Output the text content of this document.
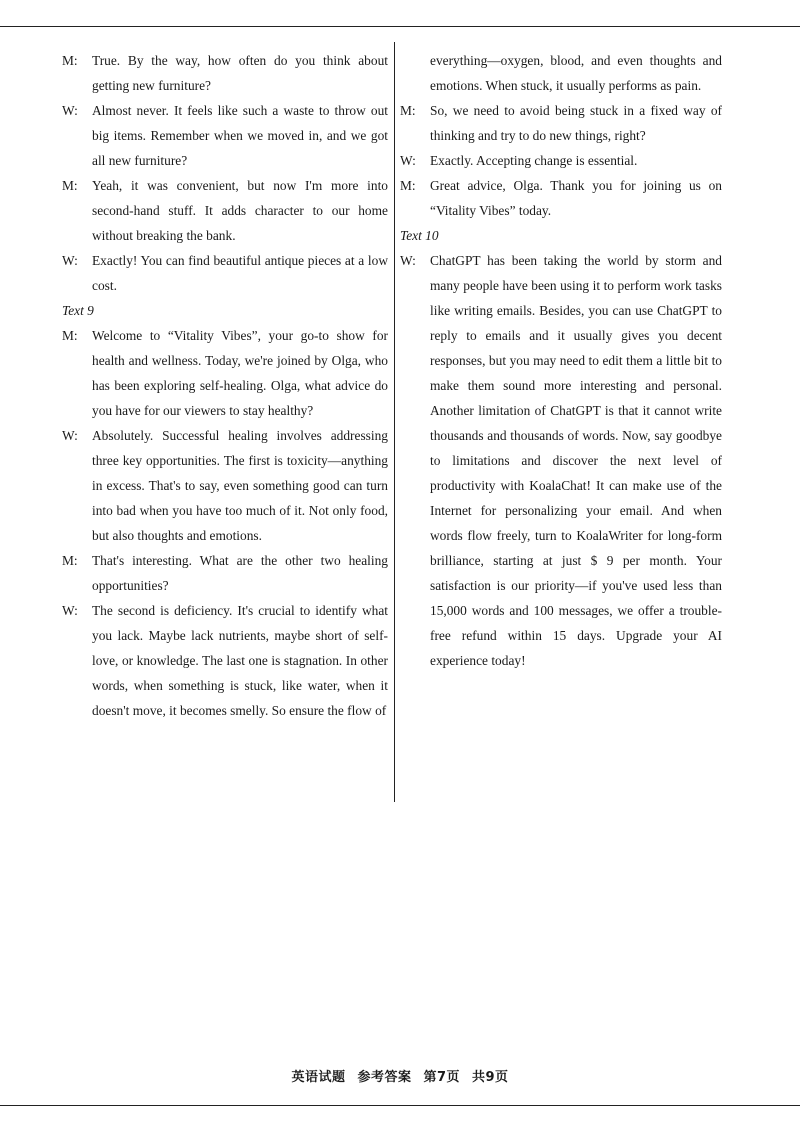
M:	True. By the way, how often do you think about getting new furniture?
W:	Almost never. It feels like such a waste to throw out big items. Remember when we moved in, and we got all new furniture?
M:	Yeah, it was convenient, but now I'm more into second-hand stuff. It adds character to our home without breaking the bank.
W:	Exactly! You can find beautiful antique pieces at a low cost.
Text 9
M:	Welcome to “Vitality Vibes”, your go-to show for health and wellness. Today, we're joined by Olga, who has been exploring self-healing. Olga, what advice do you have for our viewers to stay healthy?
W:	Absolutely. Successful healing involves addressing three key opportunities. The first is toxicity—anything in excess. That's to say, even something good can turn into bad when you have too much of it. Not only food, but also thoughts and emotions.
M:	That's interesting. What are the other two healing opportunities?
W:	The second is deficiency. It's crucial to identify what you lack. Maybe lack nutrients, maybe short of self-love, or knowledge. The last one is stagnation. In other words, when something is stuck, like water, when it doesn't move, it becomes smelly. So ensure the flow of
everything—oxygen, blood, and even thoughts and emotions. When stuck, it usually performs as pain.
M:	So, we need to avoid being stuck in a fixed way of thinking and try to do new things, right?
W:	Exactly. Accepting change is essential.
M:	Great advice, Olga. Thank you for joining us on “Vitality Vibes” today.
Text 10
W:	ChatGPT has been taking the world by storm and many people have been using it to perform work tasks like writing emails. Besides, you can use ChatGPT to reply to emails and it usually gives you decent responses, but you may need to edit them a little bit to make them sound more interesting and personal. Another limitation of ChatGPT is that it cannot write thousands and thousands of words. Now, say goodbye to limitations and discover the next level of productivity with KoalaChat! It can make use of the Internet for personalizing your email. And when words flow freely, turn to KoalaWriter for long-form brilliance, starting at just $ 9 per month. Your satisfaction is our priority—if you've used less than 15,000 words and 100 messages, we offer a trouble-free refund within 15 days. Upgrade your AI experience today!
英语试题 参考答案 第7页 共9页
